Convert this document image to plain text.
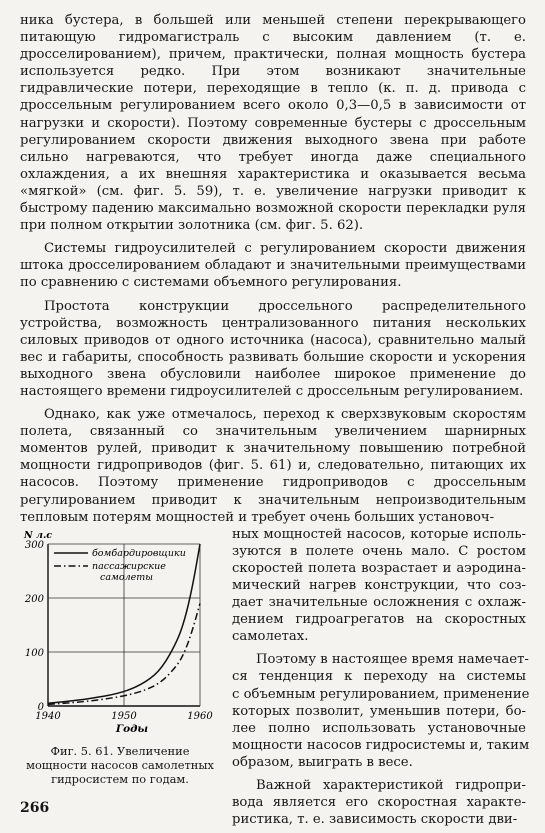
ника бустера, в большей или меньшей степени перекрывающего питающую гидромагистраль с высоким давлением (т. е. дросселированием), причем, практически, полная мощность бустера используется редко. При этом возникают значительные гидравлические потери, переходящие в тепло (к. п. д. привода с дроссельным регулированием всего около 0,3—0,5 в зависимости от нагрузки и скорости). Поэтому современные бустеры с дроссельным регулированием скорости движения выходного звена при работе сильно нагреваются, что требует иногда даже специального охлаждения, а их внешняя характеристика и оказывается весьма «мягкой» (см. фиг. 5. 59), т. е. увеличение нагрузки приводит к быстрому падению максимально возможной скорости перекладки руля при полном открытии золотника (см. фиг. 5. 62).

Системы гидроусилителей с регулированием скорости движения штока дросселированием обладают и значительными преимуществами по сравнению с системами объемного регулирования.

Простота конструкции дроссельного распределительного устройства, возможность централизованного питания нескольких силовых приводов от одного источника (насоса), сравнительно малый вес и габариты, способность развивать большие скорости и ускорения выходного звена обусловили наиболее широкое применение до настоящего времени гидроусилителей с дроссельным регулированием.

Однако, как уже отмечалось, переход к сверхзвуковым скоростям полета, связанный со значительным увеличением шарнирных моментов рулей, приводит к значительному повышению потребной мощности гидроприводов (фиг. 5. 61) и, следовательно, питающих их насосов. Поэтому применение гидроприводов с дроссельным регулированием приводит к значительным непроизводительным тепловым потерям мощностей и требует очень больших установоч-

0
100
200
300
1940	1950	1960
N л.с
Годы
бомбардировщики
пассажирские
самолеты
Фиг. 5. 61. Увеличение мощности насосов самолетных гидросистем по годам.
ных мощностей насосов, которые исполь-
зуются в полете очень мало. С ростом
скоростей полета возрастает и аэродина-
мический нагрев конструкции, что соз-
дает значительные осложнения с охлаж-
дением гидроагрегатов на скоростных
самолетах.
Поэтому в настоящее время намечает-
ся тенденция к переходу на системы
с объемным регулированием, применение
которых позволит, уменьшив потери, бо-
лее полно использовать установочные
мощности насосов гидросистемы и, таким
образом, выиграть в весе.
Важной характеристикой гидропри-
вода является его скоростная характе-
ристика, т. е. зависимость скорости дви-
266
